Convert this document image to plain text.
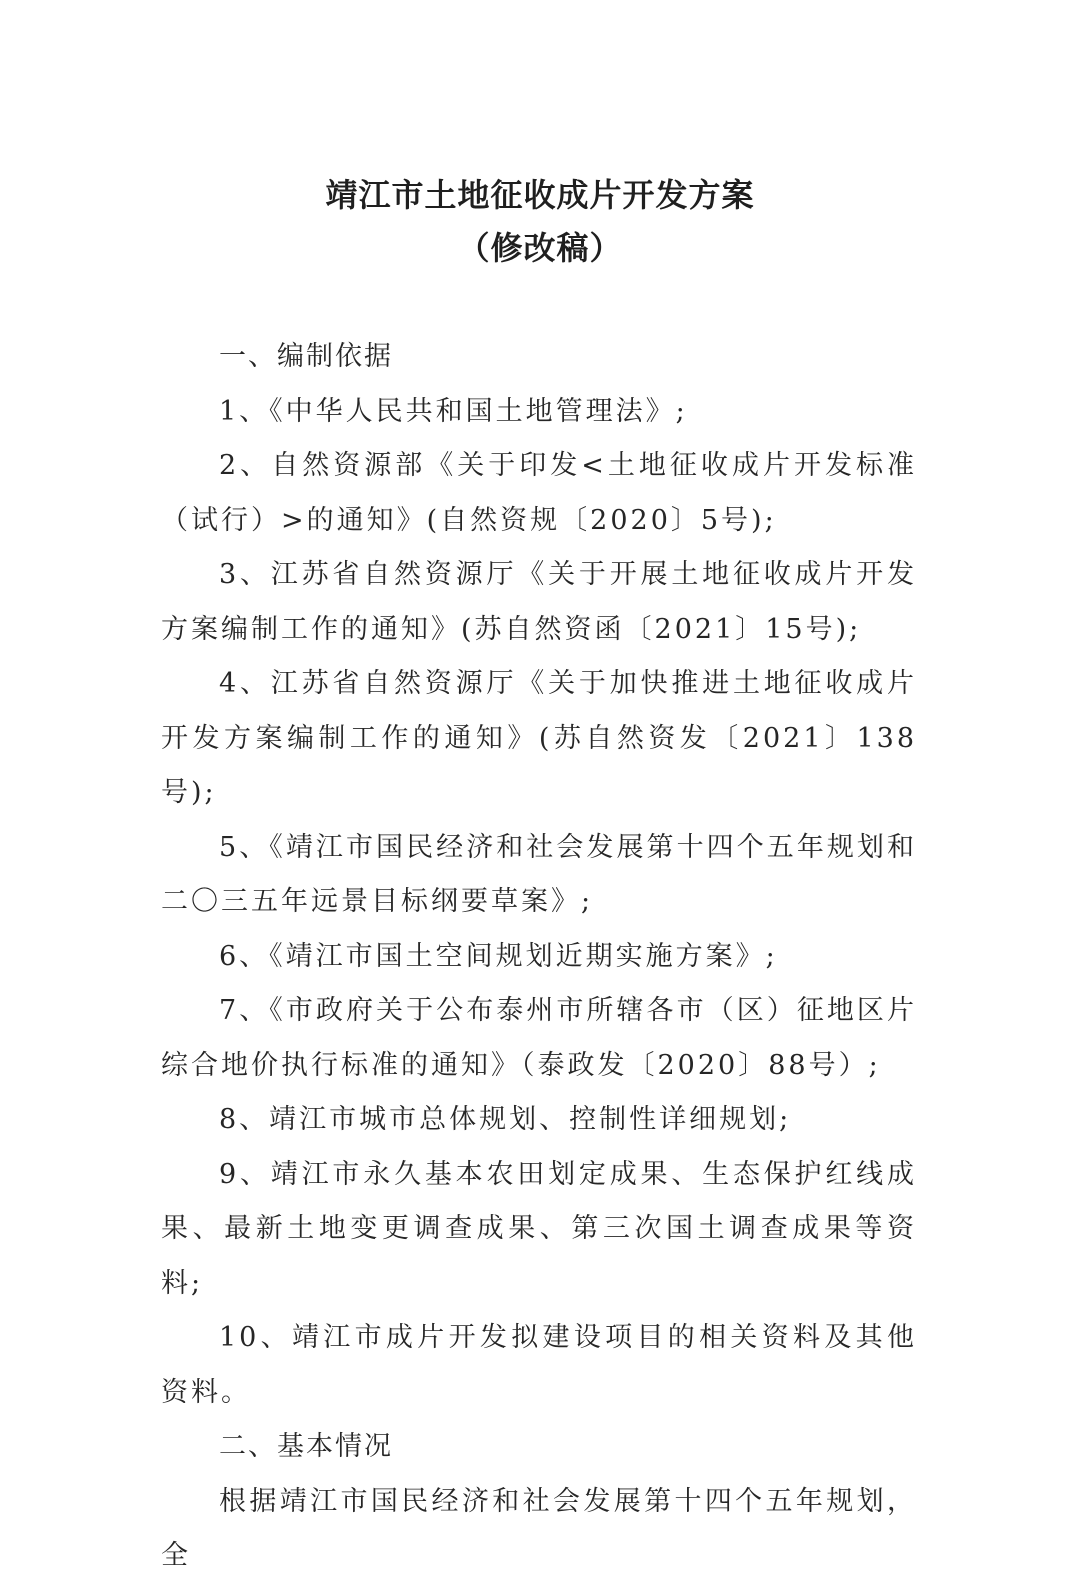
靖江市土地征收成片开发方案
（修改稿）

一、编制依据

1、《中华人民共和国土地管理法》;

2、自然资源部《关于印发<土地征收成片开发标准（试行）>的通知》(自然资规〔2020〕5号);

3、江苏省自然资源厅《关于开展土地征收成片开发方案编制工作的通知》(苏自然资函〔2021〕15号);

4、江苏省自然资源厅《关于加快推进土地征收成片开发方案编制工作的通知》(苏自然资发〔2021〕138号);

5、《靖江市国民经济和社会发展第十四个五年规划和二〇三五年远景目标纲要草案》;

6、《靖江市国土空间规划近期实施方案》;

7、《市政府关于公布泰州市所辖各市（区）征地区片综合地价执行标准的通知》（泰政发〔2020〕88号）;

8、靖江市城市总体规划、控制性详细规划;

9、靖江市永久基本农田划定成果、生态保护红线成果、最新土地变更调查成果、第三次国土调查成果等资料;

10、靖江市成片开发拟建设项目的相关资料及其他资料。

二、基本情况

根据靖江市国民经济和社会发展第十四个五年规划，全
